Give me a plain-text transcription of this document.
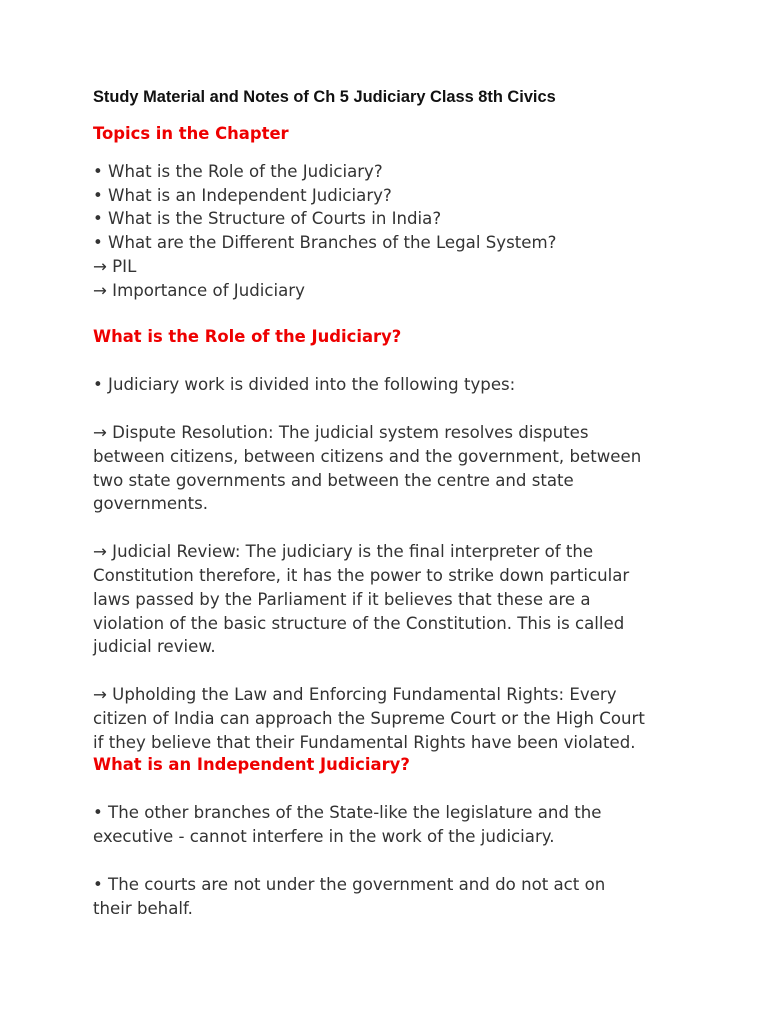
Study Material and Notes of Ch 5 Judiciary Class 8th Civics
Topics in the Chapter
• What is the Role of the Judiciary?
• What is an Independent Judiciary?
• What is the Structure of Courts in India?
• What are the Different Branches of the Legal System?
→ PIL
→ Importance of Judiciary
What is the Role of the Judiciary?
• Judiciary work is divided into the following types:
→ Dispute Resolution: The judicial system resolves disputes
between citizens, between citizens and the government, between
two state governments and between the centre and state
governments.
→ Judicial Review: The judiciary is the final interpreter of the
Constitution therefore, it has the power to strike down particular
laws passed by the Parliament if it believes that these are a
violation of the basic structure of the Constitution. This is called
judicial review.
→ Upholding the Law and Enforcing Fundamental Rights: Every
citizen of India can approach the Supreme Court or the High Court
if they believe that their Fundamental Rights have been violated.
What is an Independent Judiciary?
• The other branches of the State-like the legislature and the
executive - cannot interfere in the work of the judiciary.
• The courts are not under the government and do not act on
their behalf.
